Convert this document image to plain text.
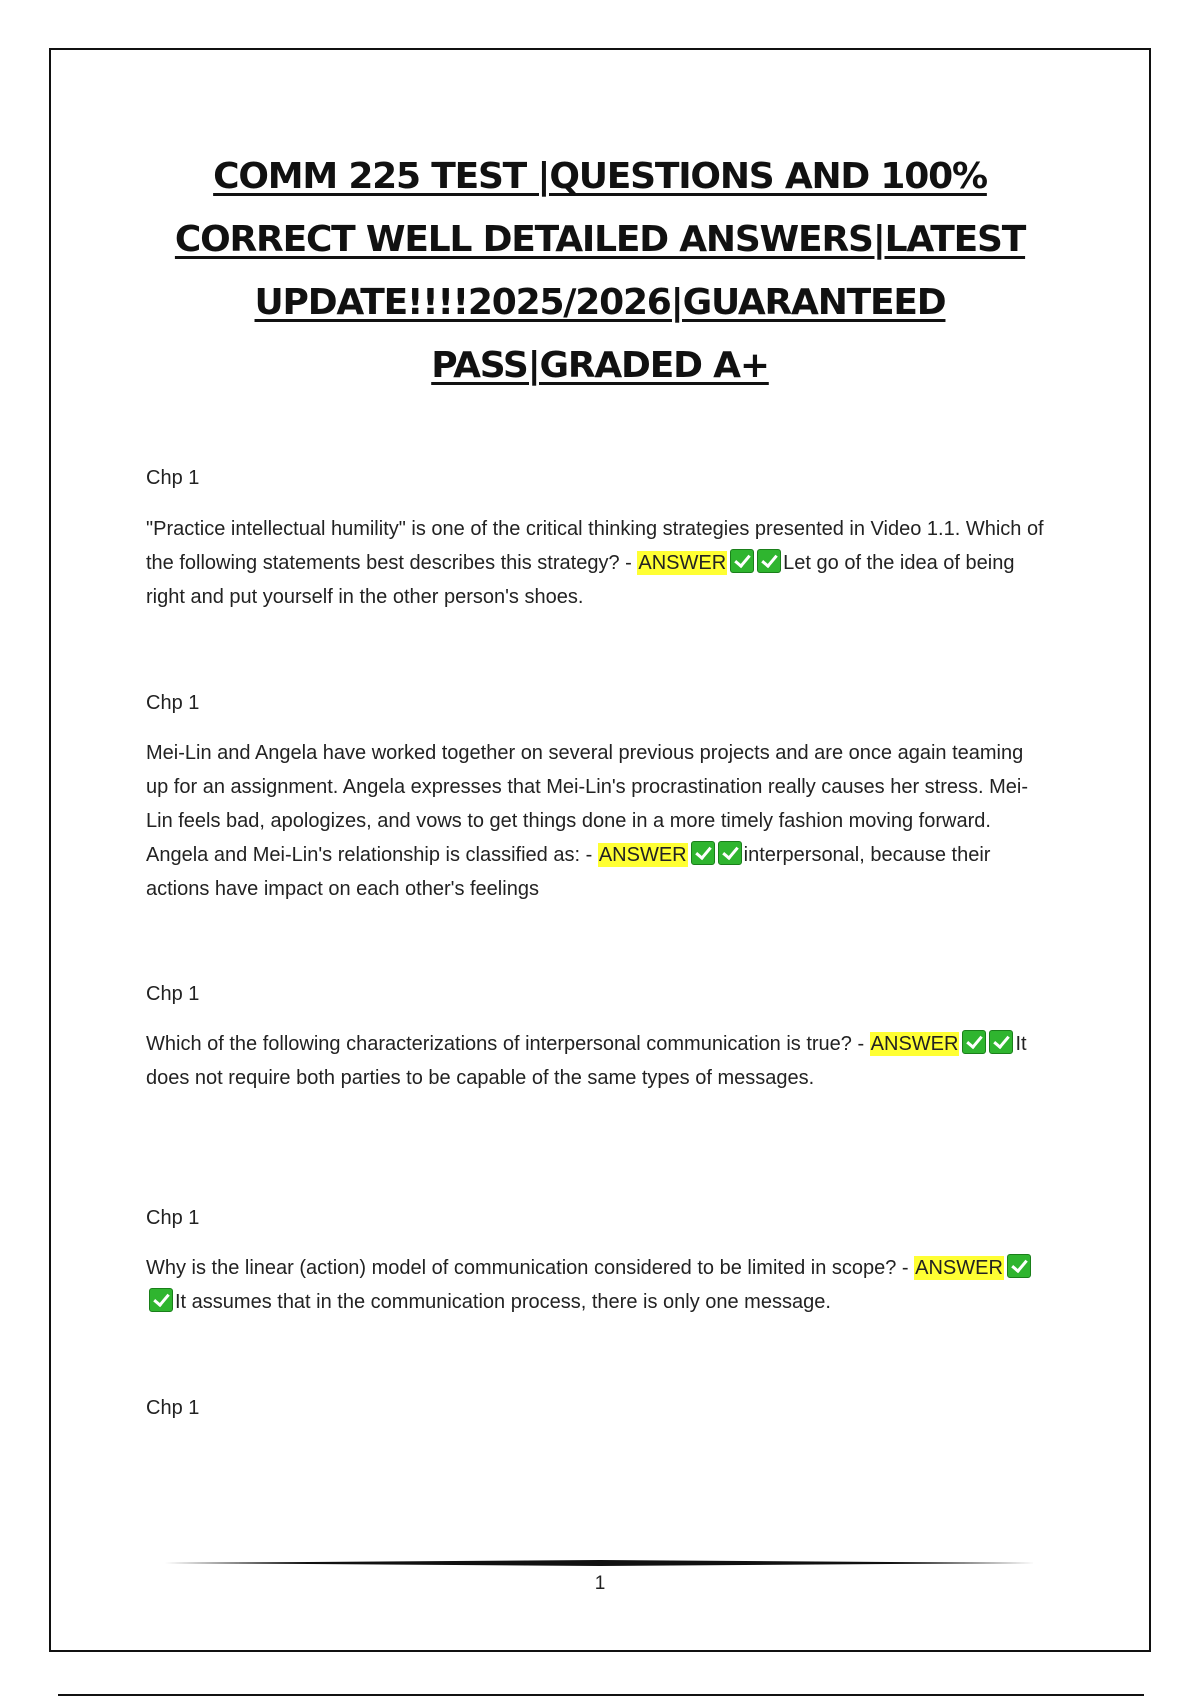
COMM 225 TEST |QUESTIONS AND 100%
CORRECT WELL DETAILED ANSWERS|LATEST
UPDATE!!!!2025/2026|GUARANTEED
PASS|GRADED A+
Chp 1
"Practice intellectual humility" is one of the critical thinking strategies presented in Video 1.1. Which of the following statements best describes this strategy? - ANSWER	Let go of the idea of being right and put yourself in the other person's shoes.
Chp 1
Mei-Lin and Angela have worked together on several previous projects and are once again teaming up for an assignment. Angela expresses that Mei-Lin's procrastination really causes her stress. Mei-Lin feels bad, apologizes, and vows to get things done in a more timely fashion moving forward. Angela and Mei-Lin's relationship is classified as: - ANSWER	interpersonal, because their actions have impact on each other's feelings
Chp 1
Which of the following characterizations of interpersonal communication is true? - ANSWER	It does not require both parties to be capable of the same types of messages.
Chp 1
Why is the linear (action) model of communication considered to be limited in scope? - ANSWERIt assumes that in the communication process, there is only one message.
Chp 1
1
